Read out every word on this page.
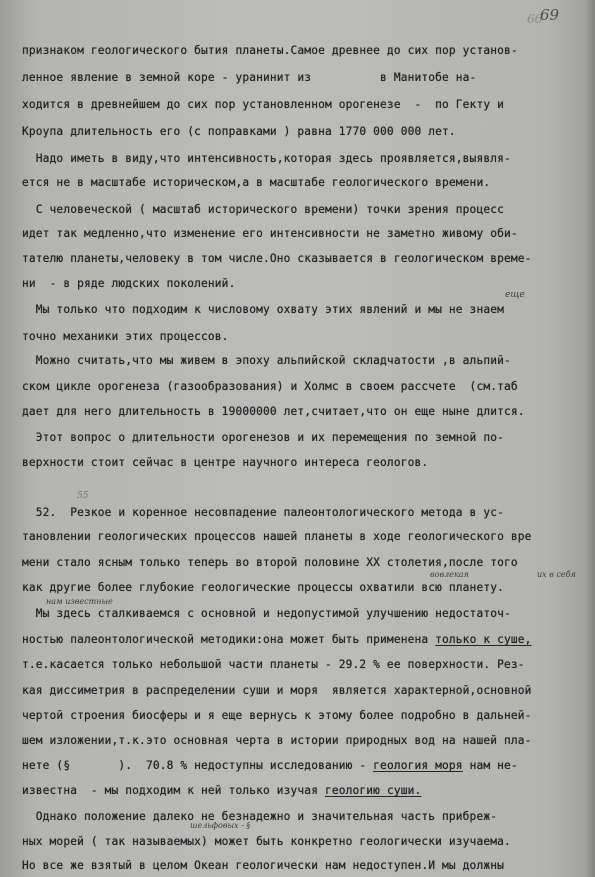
66
69
признаком геологического бытия планеты.Самое древнее до сих пор установ-
ленное явление в земной коре - уранинит из          в Манитобе на-
ходится в древнейшем до сих пор установленном орогенезе  -  по Гекту и
Кроупа длительность его (с поправками ) равна 1770 000 000 лет.
Надо иметь в виду,что интенсивность,которая здесь проявляется,выявля-
ется не в масштабе историческом,а в масштабе геологического времени.
С человеческой ( масштаб исторического времени) точки зрения процесс
идет так медленно,что изменение его интенсивности не заметно живому оби-
тателю планеты,человеку в том числе.Оно сказывается в геологическом време-
ни  - в ряде людских поколений.
еще
Мы только что подходим к числовому охвату этих явлений и мы не знаем
точно механики этих процессов.
Можно считать,что мы живем в эпоху альпийской складчатости ,в альпий-
ском цикле орогенеза (газообразования) и Холмс в своем рассчете  (см.таб
дает для него длительность в 19000000 лет,считает,что он еще ныне длится.
Этот вопрос о длительности орогенезов и их перемещения по земной по-
верхности стоит сейчас в центре научного интереса геологов.
55
52.  Резкое и коренное несовпадение палеонтологического метода в ус-
тановлении геологических процессов нашей планеты в ходе геологического вре
мени стало ясным только теперь во второй половине XX столетия,после того
вовлекая	их в себя
как другие более глубокие геологические процессы охватили всю планету.
нам известные
Мы здесь сталкиваемся с основной и недопустимой улучшению недостаточ-
ностью палеонтологической методики:она может быть применена только к суше,
т.е.касается только небольшой части планеты - 29.2 % ее поверхности. Рез-
кая диссиметрия в распределении суши и моря  является характерной,основной
чертой строения биосферы и я еще вернусь к этому более подробно в дальней-
шем изложении,т.к.это основная черта в истории природных вод на нашей пла-
нете (§       ).  70.8 % недоступны исследованию - геология моря нам не-
известна  - мы подходим к ней только изучая геологию суши.
шельфовых - §
Однако положение далеко не безнадежно и значительная часть прибреж-
ных морей ( так называемых) может быть конкретно геологически изучаема.
Но все же взятый в целом Океан геологически нам недоступен.И мы должны
